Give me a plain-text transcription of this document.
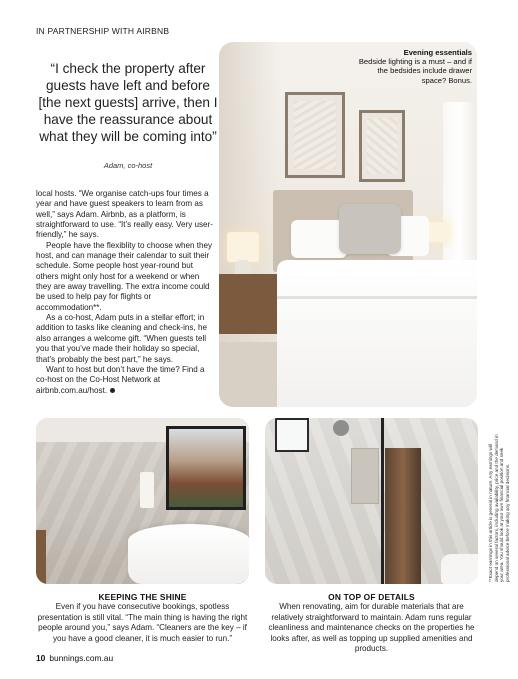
IN PARTNERSHIP WITH AIRBNB
“I check the property after guests have left and before [the next guests] arrive, then I have the reassurance about what they will be coming into”
Adam, co-host

local hosts. “We organise catch-ups four times a year and have guest speakers to learn from as well,” says Adam. Airbnb, as a platform, is straightforward to use. “It’s really easy. Very user-friendly,” he says.

People have the flexiblity to choose when they host, and can manage their calendar to suit their schedule. Some people host year-round but others might only host for a weekend or when they are away travelling. The extra income could be used to help pay for flights or accommodation**.

As a co-host, Adam puts in a stellar effort; in addition to tasks like cleaning and check-ins, he also arranges a welcome gift. “When guests tell you that you’ve made their holiday so special, that’s probably the best part,” he says.

Want to host but don’t have the time? Find a co-host on the Co-Host Network at airbnb.com.au/host.

Evening essentials
Bedside lighting is a must – and if the bedsides include drawer space? Bonus.
KEEPING THE SHINE
Even if you have consecutive bookings, spotless presentation is still vital. “The main thing is having the right people around you,” says Adam. “Cleaners are the key – if you have a good cleaner, it is much easier to run.”
ON TOP OF DETAILS
When renovating, aim for durable materials that are relatively straightforward to maintain. Adam runs regular cleanliness and maintenance checks on the properties he looks after, as well as topping up supplied amenities and products.
**Exact earnings in this article is general in nature. Any earnings will depend on several factors, including availability, price and the demand in your area. You should look at your own financial position and seek professional advice before making any financial decisions.
10 bunnings.com.au
